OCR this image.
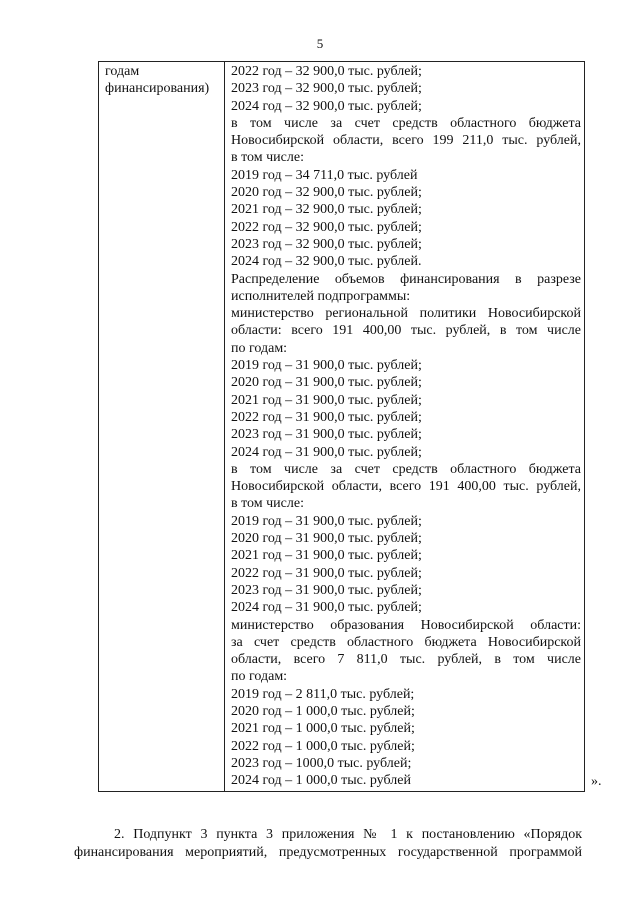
5
годам
финансирования)
2022 год – 32 900,0 тыс. рублей;
2023 год – 32 900,0 тыс. рублей;
2024 год – 32 900,0 тыс. рублей;
в том числе за счет средств областного бюджета
Новосибирской области, всего 199 211,0 тыс. рублей,
в том числе:
2019 год – 34 711,0 тыс. рублей
2020 год – 32 900,0 тыс. рублей;
2021 год – 32 900,0 тыс. рублей;
2022 год – 32 900,0 тыс. рублей;
2023 год – 32 900,0 тыс. рублей;
2024 год – 32 900,0 тыс. рублей.
Распределение объемов финансирования в разрезе
исполнителей подпрограммы:
министерство региональной политики Новосибирской
области: всего 191 400,00 тыс. рублей, в том числе
по годам:
2019 год – 31 900,0 тыс. рублей;
2020 год – 31 900,0 тыс. рублей;
2021 год – 31 900,0 тыс. рублей;
2022 год – 31 900,0 тыс. рублей;
2023 год – 31 900,0 тыс. рублей;
2024 год – 31 900,0 тыс. рублей;
в том числе за счет средств областного бюджета
Новосибирской области, всего 191 400,00 тыс. рублей,
в том числе:
2019 год – 31 900,0 тыс. рублей;
2020 год – 31 900,0 тыс. рублей;
2021 год – 31 900,0 тыс. рублей;
2022 год – 31 900,0 тыс. рублей;
2023 год – 31 900,0 тыс. рублей;
2024 год – 31 900,0 тыс. рублей;
министерство образования Новосибирской области:
за счет средств областного бюджета Новосибирской
области, всего 7 811,0 тыс. рублей, в том числе
по годам:
2019 год – 2 811,0 тыс. рублей;
2020 год – 1 000,0 тыс. рублей;
2021 год – 1 000,0 тыс. рублей;
2022 год – 1 000,0 тыс. рублей;
2023 год – 1000,0 тыс. рублей;
2024 год – 1 000,0 тыс. рублей	».
2. Подпункт 3 пункта 3 приложения № 1 к постановлению «Порядок
финансирования мероприятий, предусмотренных государственной программой
